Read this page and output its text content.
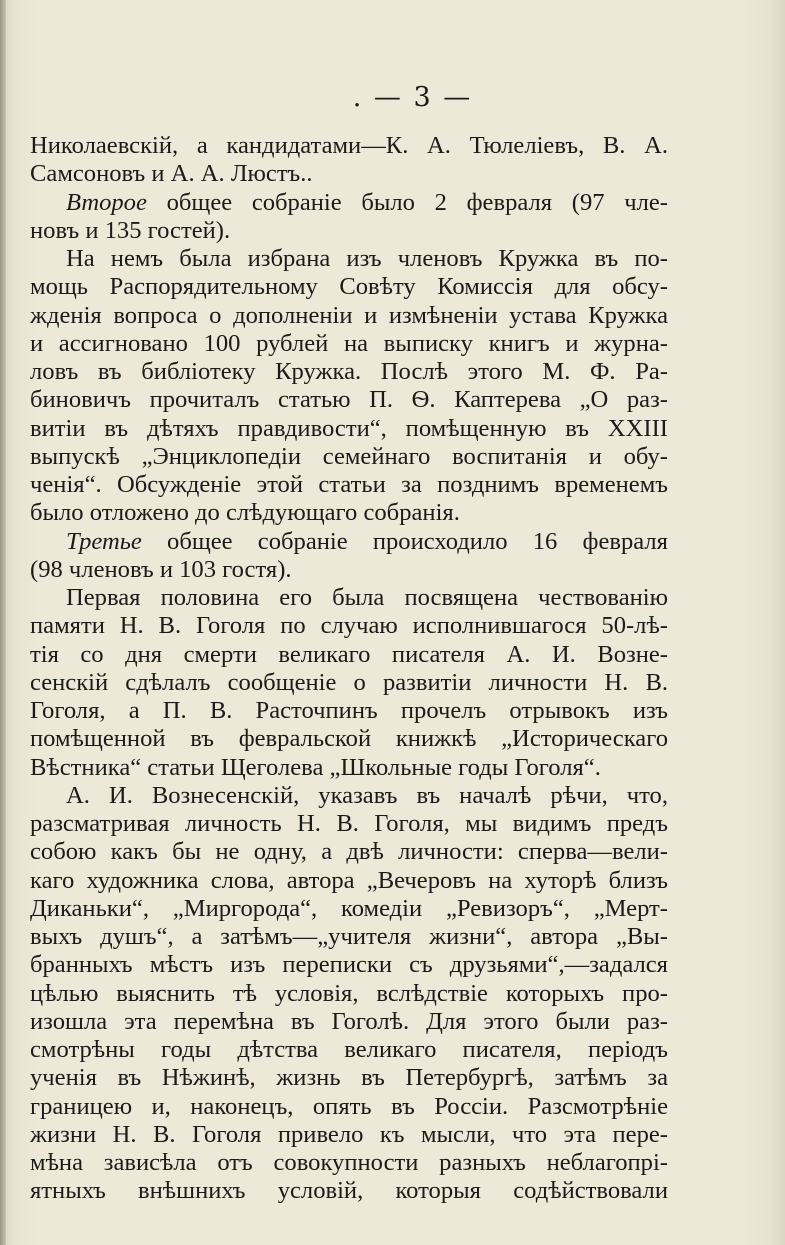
. — 3 —
Николаевскій, а кандидатами—К. А. Тюлеліевъ, В. А.
Самсоновъ и А. А. Люстъ..
Второе общее собраніе было 2 февраля (97 чле-
новъ и 135 гостей).
На немъ была избрана изъ членовъ Кружка въ по-
мощь Распорядительному Совѣту Комиссія для обсу-
жденія вопроса о дополненіи и измѣненіи устава Кружка
и ассигновано 100 рублей на выписку книгъ и журна-
ловъ въ библіотеку Кружка. Послѣ этого М. Ф. Ра-
биновичъ прочиталъ статью П. Ѳ. Каптерева „О раз-
витіи въ дѣтяхъ правдивости“, помѣщенную въ XXIII
выпускѣ „Энциклопедіи семейнаго воспитанія и обу-
ченія“. Обсужденіе этой статьи за позднимъ временемъ
было отложено до слѣдующаго собранія.
Третье общее собраніе происходило 16 февраля
(98 членовъ и 103 гостя).
Первая половина его была посвящена чествованію
памяти Н. В. Гоголя по случаю исполнившагося 50-лѣ-
тія со дня смерти великаго писателя А. И. Возне-
сенскій сдѣлалъ сообщеніе о развитіи личности Н. В.
Гоголя, а П. В. Расточпинъ прочелъ отрывокъ изъ
помѣщенной въ февральской книжкѣ „Историческаго
Вѣстника“ статьи Щеголева „Школьные годы Гоголя“.
А. И. Вознесенскій, указавъ въ началѣ рѣчи, что,
разсматривая личность Н. В. Гоголя, мы видимъ предъ
собою какъ бы не одну, а двѣ личности: сперва—вели-
каго художника слова, автора „Вечеровъ на хуторѣ близъ
Диканьки“, „Миргорода“, комедіи „Ревизоръ“, „Мерт-
выхъ душъ“, а затѣмъ—„учителя жизни“, автора „Вы-
бранныхъ мѣстъ изъ переписки съ друзьями“,—задался
цѣлью выяснить тѣ условія, вслѣдствіе которыхъ про-
изошла эта перемѣна въ Гоголѣ. Для этого были раз-
смотрѣны годы дѣтства великаго писателя, періодъ
ученія въ Нѣжинѣ, жизнь въ Петербургѣ, затѣмъ за
границею и, наконецъ, опять въ Россіи. Разсмотрѣніе
жизни Н. В. Гоголя привело къ мысли, что эта пере-
мѣна зависѣла отъ совокупности разныхъ неблагопрі-
ятныхъ внѣшнихъ условій, которыя содѣйствовали
